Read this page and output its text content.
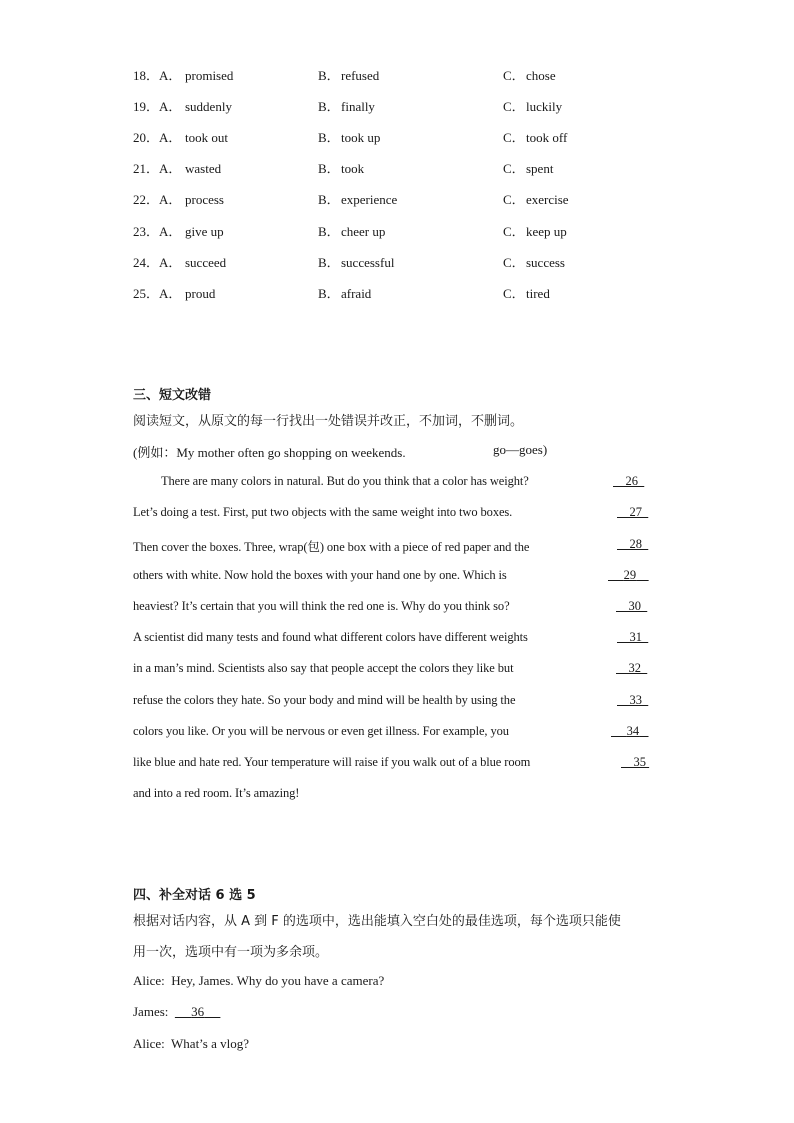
18．A． promised	B． refused	C． chose
19．A． suddenly	B． finally	C． luckily
20．A． took out	B． took up	C． took off
21．A． wasted	B． took	C． spent
22．A． process	B． experience	C． exercise
23．A． give up	B． cheer up	C． keep up
24．A． succeed	B． successful	C． success
25．A． proud	B． afraid	C． tired
三、短文改错
阅读短文，从原文的每一行找出一处错误并改正，不加词，不删词。
(例如：My mother often go shopping on weekends.	go—goes)
There are many colors in natural. But do you think that a color has weight?	26
Let’s doing a test. First, put two objects with the same weight into two boxes.	27
Then cover the boxes. Three, wrap(包) one box with a piece of red paper and the	28
others with white. Now hold the boxes with your hand one by one. Which is	29
heaviest? It’s certain that you will think the red one is. Why do you think so?	30
A scientist did many tests and found what different colors have different weights	31
in a man’s mind. Scientists also say that people accept the colors they like but	32
refuse the colors they hate. So your body and mind will be health by using the	33
colors you like. Or you will be nervous or even get illness. For example, you	34
like blue and hate red. Your temperature will raise if you walk out of a blue room	35
and into a red room. It’s amazing!
四、补全对话 6 选 5
根据对话内容，从 A 到 F 的选项中，选出能填入空白处的最佳选项，每个选项只能使
用一次，选项中有一项为多余项。
Alice: Hey, James. Why do you have a camera?
James: 36
Alice: What’s a vlog?
